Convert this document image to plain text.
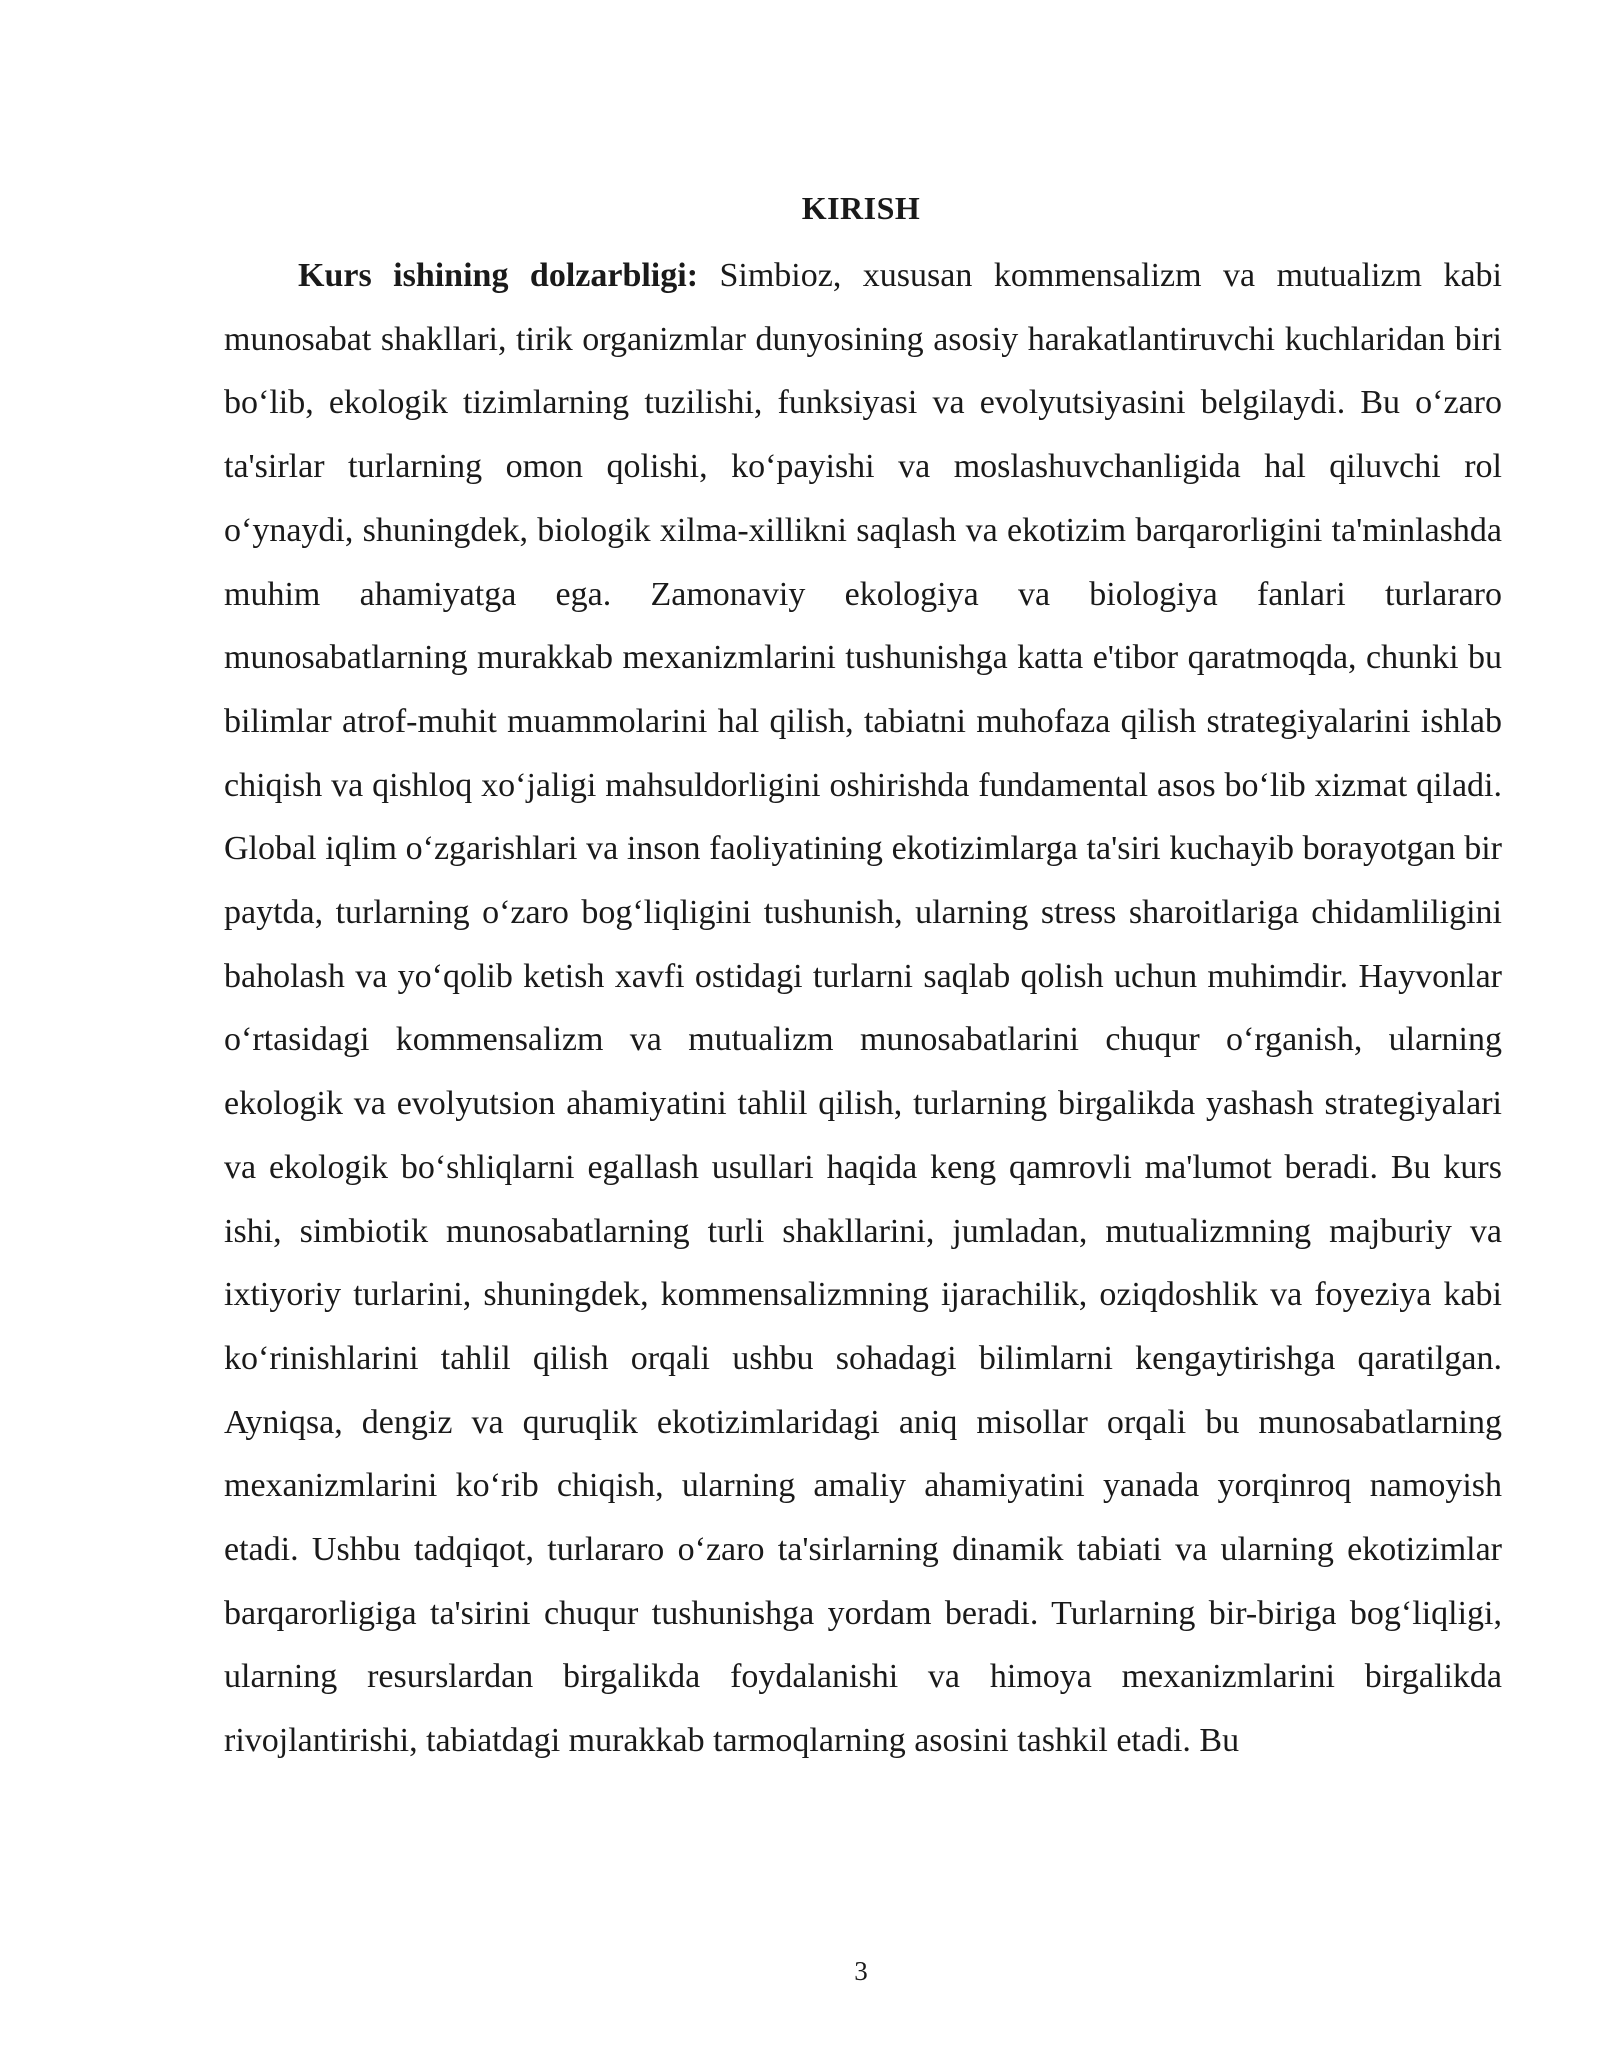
KIRISH

Kurs ishining dolzarbligi: Simbioz, xususan kommensalizm va mutualizm kabi munosabat shakllari, tirik organizmlar dunyosining asosiy harakatlantiruvchi kuchlaridan biri boʻlib, ekologik tizimlarning tuzilishi, funksiyasi va evolyutsiyasini belgilaydi. Bu oʻzaro ta'sirlar turlarning omon qolishi, koʻpayishi va moslashuvchanligida hal qiluvchi rol oʻynaydi, shuningdek, biologik xilma-xillikni saqlash va ekotizim barqarorligini ta'minlashda muhim ahamiyatga ega. Zamonaviy ekologiya va biologiya fanlari turlararo munosabatlarning murakkab mexanizmlarini tushunishga katta e'tibor qaratmoqda, chunki bu bilimlar atrof-muhit muammolarini hal qilish, tabiatni muhofaza qilish strategiyalarini ishlab chiqish va qishloq xoʻjaligi mahsuldorligini oshirishda fundamental asos boʻlib xizmat qiladi. Global iqlim oʻzgarishlari va inson faoliyatining ekotizimlarga ta'siri kuchayib borayotgan bir paytda, turlarning oʻzaro bogʻliqligini tushunish, ularning stress sharoitlariga chidamliligini baholash va yoʻqolib ketish xavfi ostidagi turlarni saqlab qolish uchun muhimdir. Hayvonlar oʻrtasidagi kommensalizm va mutualizm munosabatlarini chuqur oʻrganish, ularning ekologik va evolyutsion ahamiyatini tahlil qilish, turlarning birgalikda yashash strategiyalari va ekologik boʻshliqlarni egallash usullari haqida keng qamrovli ma'lumot beradi. Bu kurs ishi, simbiotik munosabatlarning turli shakllarini, jumladan, mutualizmning majburiy va ixtiyoriy turlarini, shuningdek, kommensalizmning ijarachilik, oziqdoshlik va foyeziya kabi koʻrinishlarini tahlil qilish orqali ushbu sohadagi bilimlarni kengaytirishga qaratilgan. Ayniqsa, dengiz va quruqlik ekotizimlaridagi aniq misollar orqali bu munosabatlarning mexanizmlarini koʻrib chiqish, ularning amaliy ahamiyatini yanada yorqinroq namoyish etadi. Ushbu tadqiqot, turlararo oʻzaro ta'sirlarning dinamik tabiati va ularning ekotizimlar barqarorligiga ta'sirini chuqur tushunishga yordam beradi. Turlarning bir-biriga bogʻliqligi, ularning resurslardan birgalikda foydalanishi va himoya mexanizmlarini birgalikda rivojlantirishi, tabiatdagi murakkab tarmoqlarning asosini tashkil etadi. Bu

3
